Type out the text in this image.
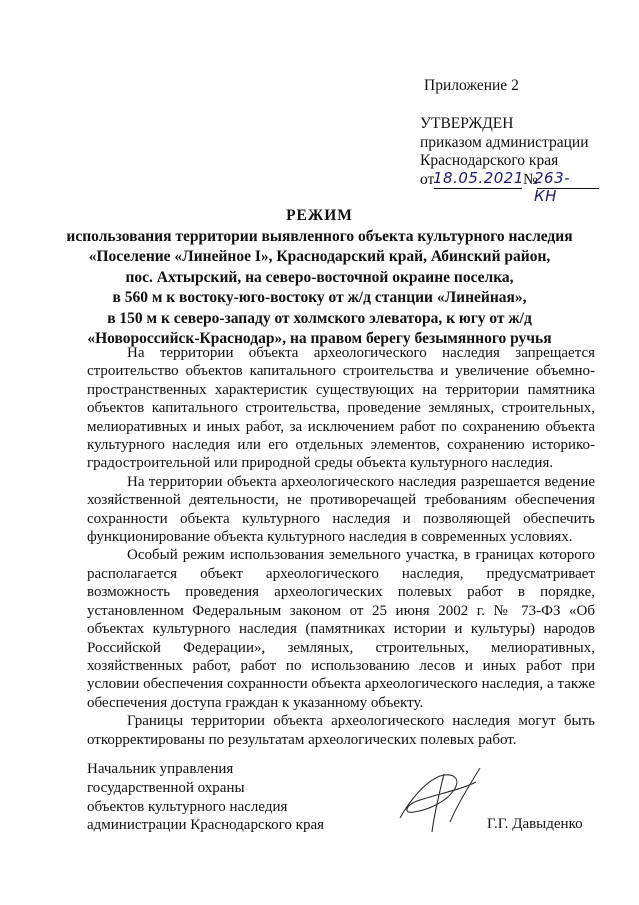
Приложение 2
УТВЕРЖДЕН
приказом администрации
Краснодарского края
от
18.05.2021 №
263-КН
РЕЖИМ
использования территории выявленного объекта культурного наследия
«Поселение «Линейное I», Краснодарский край, Абинский район,
пос. Ахтырский, на северо-восточной окраине поселка,
в 560 м к востоку-юго-востоку от ж/д станции «Линейная»,
в 150 м к северо-западу от холмского элеватора, к югу от ж/д
«Новороссийск-Краснодар», на правом берегу безымянного ручья

На территории объекта археологического наследия запрещается строительство объектов капитального строительства и увеличение объемно-пространственных характеристик существующих на территории памятника объектов капитального строительства, проведение земляных, строительных, мелиоративных и иных работ, за исключением работ по сохранению объекта культурного наследия или его отдельных элементов, сохранению историко-градостроительной или природной среды объекта культурного наследия.

На территории объекта археологического наследия разрешается ведение хозяйственной деятельности, не противоречащей требованиям обеспечения сохранности объекта культурного наследия и позволяющей обеспечить функционирование объекта культурного наследия в современных условиях.

Особый режим использования земельного участка, в границах которого располагается объект археологического наследия, предусматривает возможность проведения археологических полевых работ в порядке, установленном Федеральным законом от 25 июня 2002 г. № 73-ФЗ «Об объектах культурного наследия (памятниках истории и культуры) народов Российской Федерации», земляных, строительных, мелиоративных, хозяйственных работ, работ по использованию лесов и иных работ при условии обеспечения сохранности объекта археологического наследия, а также обеспечения доступа граждан к указанному объекту.

Границы территории объекта археологического наследия могут быть откорректированы по результатам археологических полевых работ.

Начальник управления
государственной охраны
объектов культурного наследия
администрации Краснодарского края	Г.Г. Давыденко
